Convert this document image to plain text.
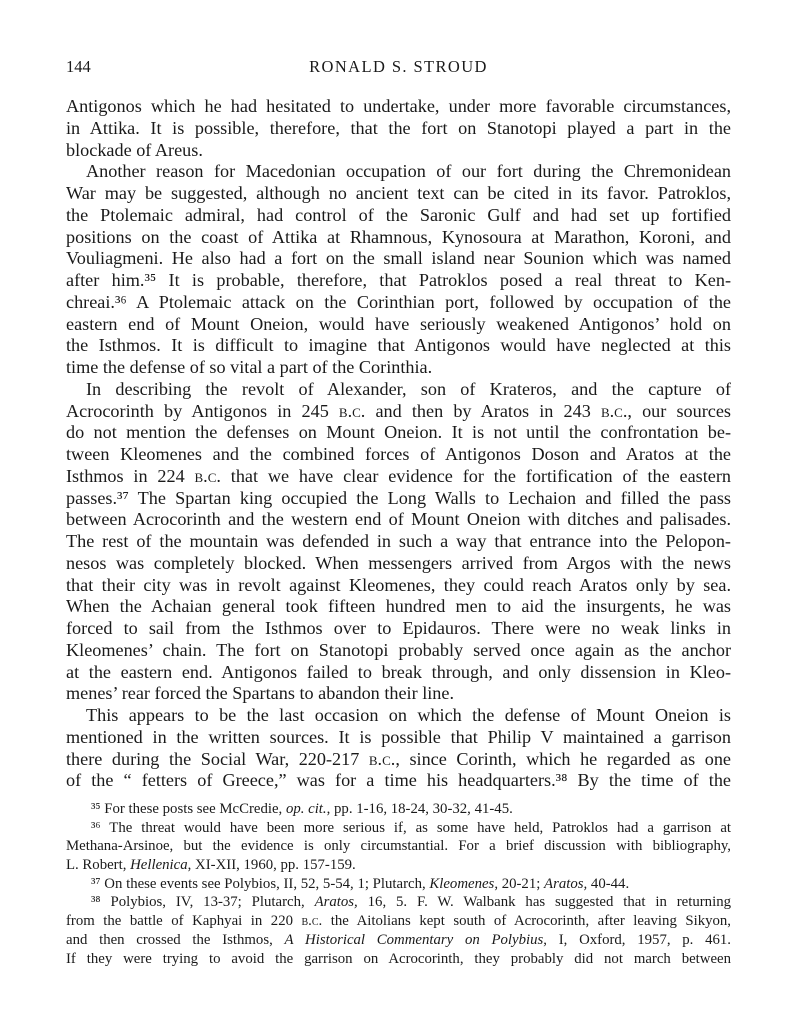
144	RONALD S. STROUD
Antigonos which he had hesitated to undertake, under more favorable circumstances,
in Attika. It is possible, therefore, that the fort on Stanotopi played a part in the
blockade of Areus.
Another reason for Macedonian occupation of our fort during the Chremonidean
War may be suggested, although no ancient text can be cited in its favor. Patroklos,
the Ptolemaic admiral, had control of the Saronic Gulf and had set up fortified
positions on the coast of Attika at Rhamnous, Kynosoura at Marathon, Koroni, and
Vouliagmeni. He also had a fort on the small island near Sounion which was named
after him.³⁵ It is probable, therefore, that Patroklos posed a real threat to Ken-
chreai.³⁶ A Ptolemaic attack on the Corinthian port, followed by occupation of the
eastern end of Mount Oneion, would have seriously weakened Antigonos’ hold on
the Isthmos. It is difficult to imagine that Antigonos would have neglected at this
time the defense of so vital a part of the Corinthia.
In describing the revolt of Alexander, son of Krateros, and the capture of
Acrocorinth by Antigonos in 245 b.c. and then by Aratos in 243 b.c., our sources
do not mention the defenses on Mount Oneion. It is not until the confrontation be-
tween Kleomenes and the combined forces of Antigonos Doson and Aratos at the
Isthmos in 224 b.c. that we have clear evidence for the fortification of the eastern
passes.³⁷ The Spartan king occupied the Long Walls to Lechaion and filled the pass
between Acrocorinth and the western end of Mount Oneion with ditches and palisades.
The rest of the mountain was defended in such a way that entrance into the Pelopon-
nesos was completely blocked. When messengers arrived from Argos with the news
that their city was in revolt against Kleomenes, they could reach Aratos only by sea.
When the Achaian general took fifteen hundred men to aid the insurgents, he was
forced to sail from the Isthmos over to Epidauros. There were no weak links in
Kleomenes’ chain. The fort on Stanotopi probably served once again as the anchor
at the eastern end. Antigonos failed to break through, and only dissension in Kleo-
menes’ rear forced the Spartans to abandon their line.
This appears to be the last occasion on which the defense of Mount Oneion is
mentioned in the written sources. It is possible that Philip V maintained a garrison
there during the Social War, 220-217 b.c., since Corinth, which he regarded as one
of the “ fetters of Greece,” was for a time his headquarters.³⁸ By the time of the
³⁵ For these posts see McCredie, op. cit., pp. 1-16, 18-24, 30-32, 41-45.
³⁶ The threat would have been more serious if, as some have held, Patroklos had a garrison at
Methana-Arsinoe, but the evidence is only circumstantial. For a brief discussion with bibliography,
L. Robert, Hellenica, XI-XII, 1960, pp. 157-159.
³⁷ On these events see Polybios, II, 52, 5-54, 1; Plutarch, Kleomenes, 20-21; Aratos, 40-44.
³⁸ Polybios, IV, 13-37; Plutarch, Aratos, 16, 5. F. W. Walbank has suggested that in returning
from the battle of Kaphyai in 220 b.c. the Aitolians kept south of Acrocorinth, after leaving Sikyon,
and then crossed the Isthmos, A Historical Commentary on Polybius, I, Oxford, 1957, p. 461.
If they were trying to avoid the garrison on Acrocorinth, they probably did not march between
